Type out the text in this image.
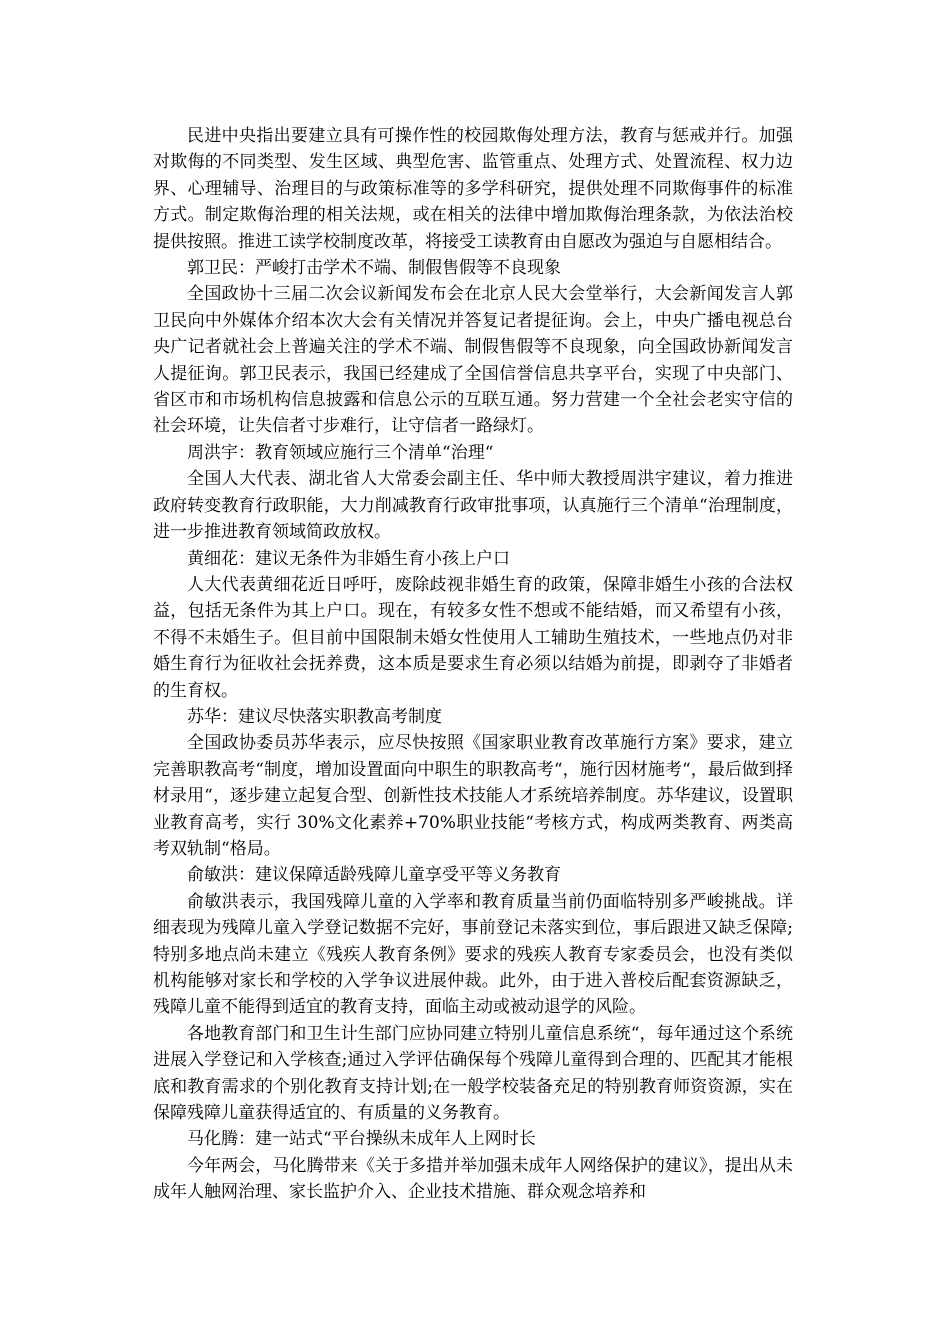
民进中央指出要建立具有可操作性的校园欺侮处理方法，教育与惩戒并行。加强对欺侮的不同类型、发生区域、典型危害、监管重点、处理方式、处置流程、权力边界、心理辅导、治理目的与政策标准等的多学科研究，提供处理不同欺侮事件的标准方式。制定欺侮治理的相关法规，或在相关的法律中增加欺侮治理条款，为依法治校提供按照。推进工读学校制度改革，将接受工读教育由自愿改为强迫与自愿相结合。

郭卫民：严峻打击学术不端、制假售假等不良现象

全国政协十三届二次会议新闻发布会在北京人民大会堂举行，大会新闻发言人郭卫民向中外媒体介绍本次大会有关情况并答复记者提征询。会上，中央广播电视总台央广记者就社会上普遍关注的学术不端、制假售假等不良现象，向全国政协新闻发言人提征询。郭卫民表示，我国已经建成了全国信誉信息共享平台，实现了中央部门、省区市和市场机构信息披露和信息公示的互联互通。努力营建一个全社会老实守信的社会环境，让失信者寸步难行，让守信者一路绿灯。

周洪宇：教育领域应施行三个清单“治理“

全国人大代表、湖北省人大常委会副主任、华中师大教授周洪宇建议，着力推进政府转变教育行政职能，大力削减教育行政审批事项，认真施行三个清单“治理制度，进一步推进教育领域简政放权。

黄细花：建议无条件为非婚生育小孩上户口

人大代表黄细花近日呼吁，废除歧视非婚生育的政策，保障非婚生小孩的合法权益，包括无条件为其上户口。现在，有较多女性不想或不能结婚，而又希望有小孩，不得不未婚生子。但目前中国限制未婚女性使用人工辅助生殖技术，一些地点仍对非婚生育行为征收社会抚养费，这本质是要求生育必须以结婚为前提，即剥夺了非婚者的生育权。

苏华：建议尽快落实职教高考制度

全国政协委员苏华表示，应尽快按照《国家职业教育改革施行方案》要求，建立完善职教高考“制度，增加设置面向中职生的职教高考“，施行因材施考“，最后做到择材录用“，逐步建立起复合型、创新性技术技能人才系统培养制度。苏华建议，设置职业教育高考，实行 30%文化素养+70%职业技能“考核方式，构成两类教育、两类高考双轨制“格局。

俞敏洪：建议保障适龄残障儿童享受平等义务教育

俞敏洪表示，我国残障儿童的入学率和教育质量当前仍面临特别多严峻挑战。详细表现为残障儿童入学登记数据不完好，事前登记未落实到位，事后跟进又缺乏保障;特别多地点尚未建立《残疾人教育条例》要求的残疾人教育专家委员会，也没有类似机构能够对家长和学校的入学争议进展仲裁。此外，由于进入普校后配套资源缺乏，残障儿童不能得到适宜的教育支持，面临主动或被动退学的风险。

各地教育部门和卫生计生部门应协同建立特别儿童信息系统“，每年通过这个系统进展入学登记和入学核查;通过入学评估确保每个残障儿童得到合理的、匹配其才能根底和教育需求的个别化教育支持计划;在一般学校装备充足的特别教育师资资源，实在保障残障儿童获得适宜的、有质量的义务教育。

马化腾：建一站式“平台操纵未成年人上网时长

今年两会，马化腾带来《关于多措并举加强未成年人网络保护的建议》，提出从未成年人触网治理、家长监护介入、企业技术措施、群众观念培养和
